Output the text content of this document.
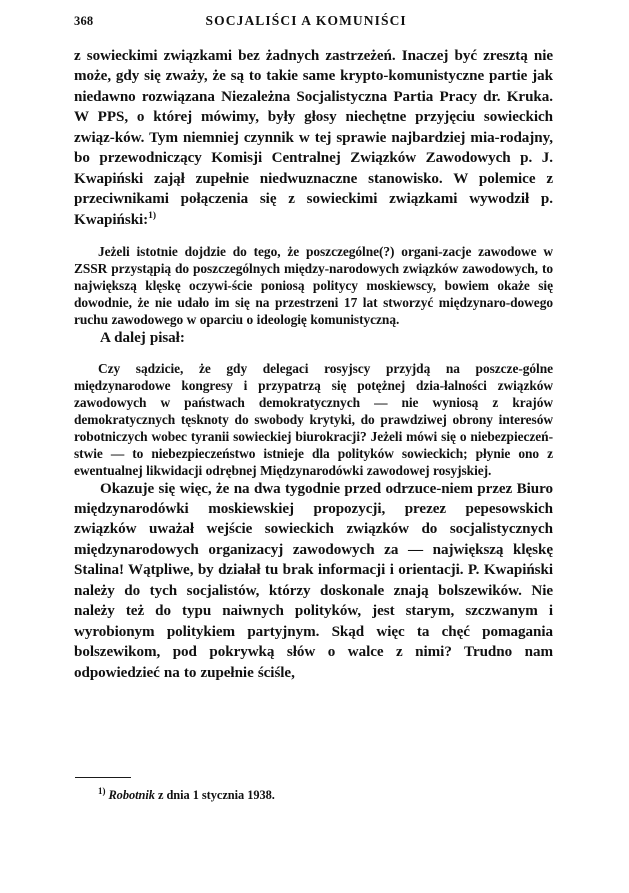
368	SOCJALIŚCI A KOMUNIŚCI

z sowieckimi związkami bez żadnych zastrzeżeń. Inaczej być zresztą nie może, gdy się zważy, że są to takie same krypto-komunistyczne partie jak niedawno rozwiązana Niezależna Socjalistyczna Partia Pracy dr. Kruka. W PPS, o której mówimy, były głosy niechętne przyjęciu sowieckich związ-ków. Tym niemniej czynnik w tej sprawie najbardziej mia-rodajny, bo przewodniczący Komisji Centralnej Związków Zawodowych p. J. Kwapiński zajął zupełnie niedwuznaczne stanowisko. W polemice z przeciwnikami połączenia się z sowieckimi związkami wywodził p. Kwapiński:$^{1)}$

Jeżeli istotnie dojdzie do tego, że poszczególne(?) organi-zacje zawodowe w ZSSR przystąpią do poszczególnych między-narodowych związków zawodowych, to największą klęskę oczywi-ście poniosą politycy moskiewscy, bowiem okaże się dowodnie, że nie udało im się na przestrzeni 17 lat stworzyć międzynaro-dowego ruchu zawodowego w oparciu o ideologię komunistyczną.

A dalej pisał:

Czy sądzicie, że gdy delegaci rosyjscy przyjdą na poszcze-gólne międzynarodowe kongresy i przypatrzą się potężnej dzia-łalności związków zawodowych w państwach demokratycznych — nie wyniosą z krajów demokratycznych tęsknoty do swobody krytyki, do prawdziwej obrony interesów robotniczych wobec tyranii sowieckiej biurokracji? Jeżeli mówi się o niebezpieczeń-stwie — to niebezpieczeństwo istnieje dla polityków sowieckich; płynie ono z ewentualnej likwidacji odrębnej Międzynarodówki zawodowej rosyjskiej.

Okazuje się więc, że na dwa tygodnie przed odrzuce-niem przez Biuro międzynarodówki moskiewskiej propozycji, prezez pepesowskich związków uważał wejście sowieckich związków do socjalistycznych międzynarodowych organizacyj zawodowych za — największą klęskę Stalina! Wątpliwe, by działał tu brak informacji i orientacji. P. Kwapiński należy do tych socjalistów, którzy doskonale znają bolszewików. Nie należy też do typu naiwnych polityków, jest starym, szczwanym i wyrobionym politykiem partyjnym. Skąd więc ta chęć pomagania bolszewikom, pod pokrywką słów o walce z nimi? Trudno nam odpowiedzieć na to zupełnie ściśle,

$^{1)}$ Robotnik z dnia 1 stycznia 1938.
